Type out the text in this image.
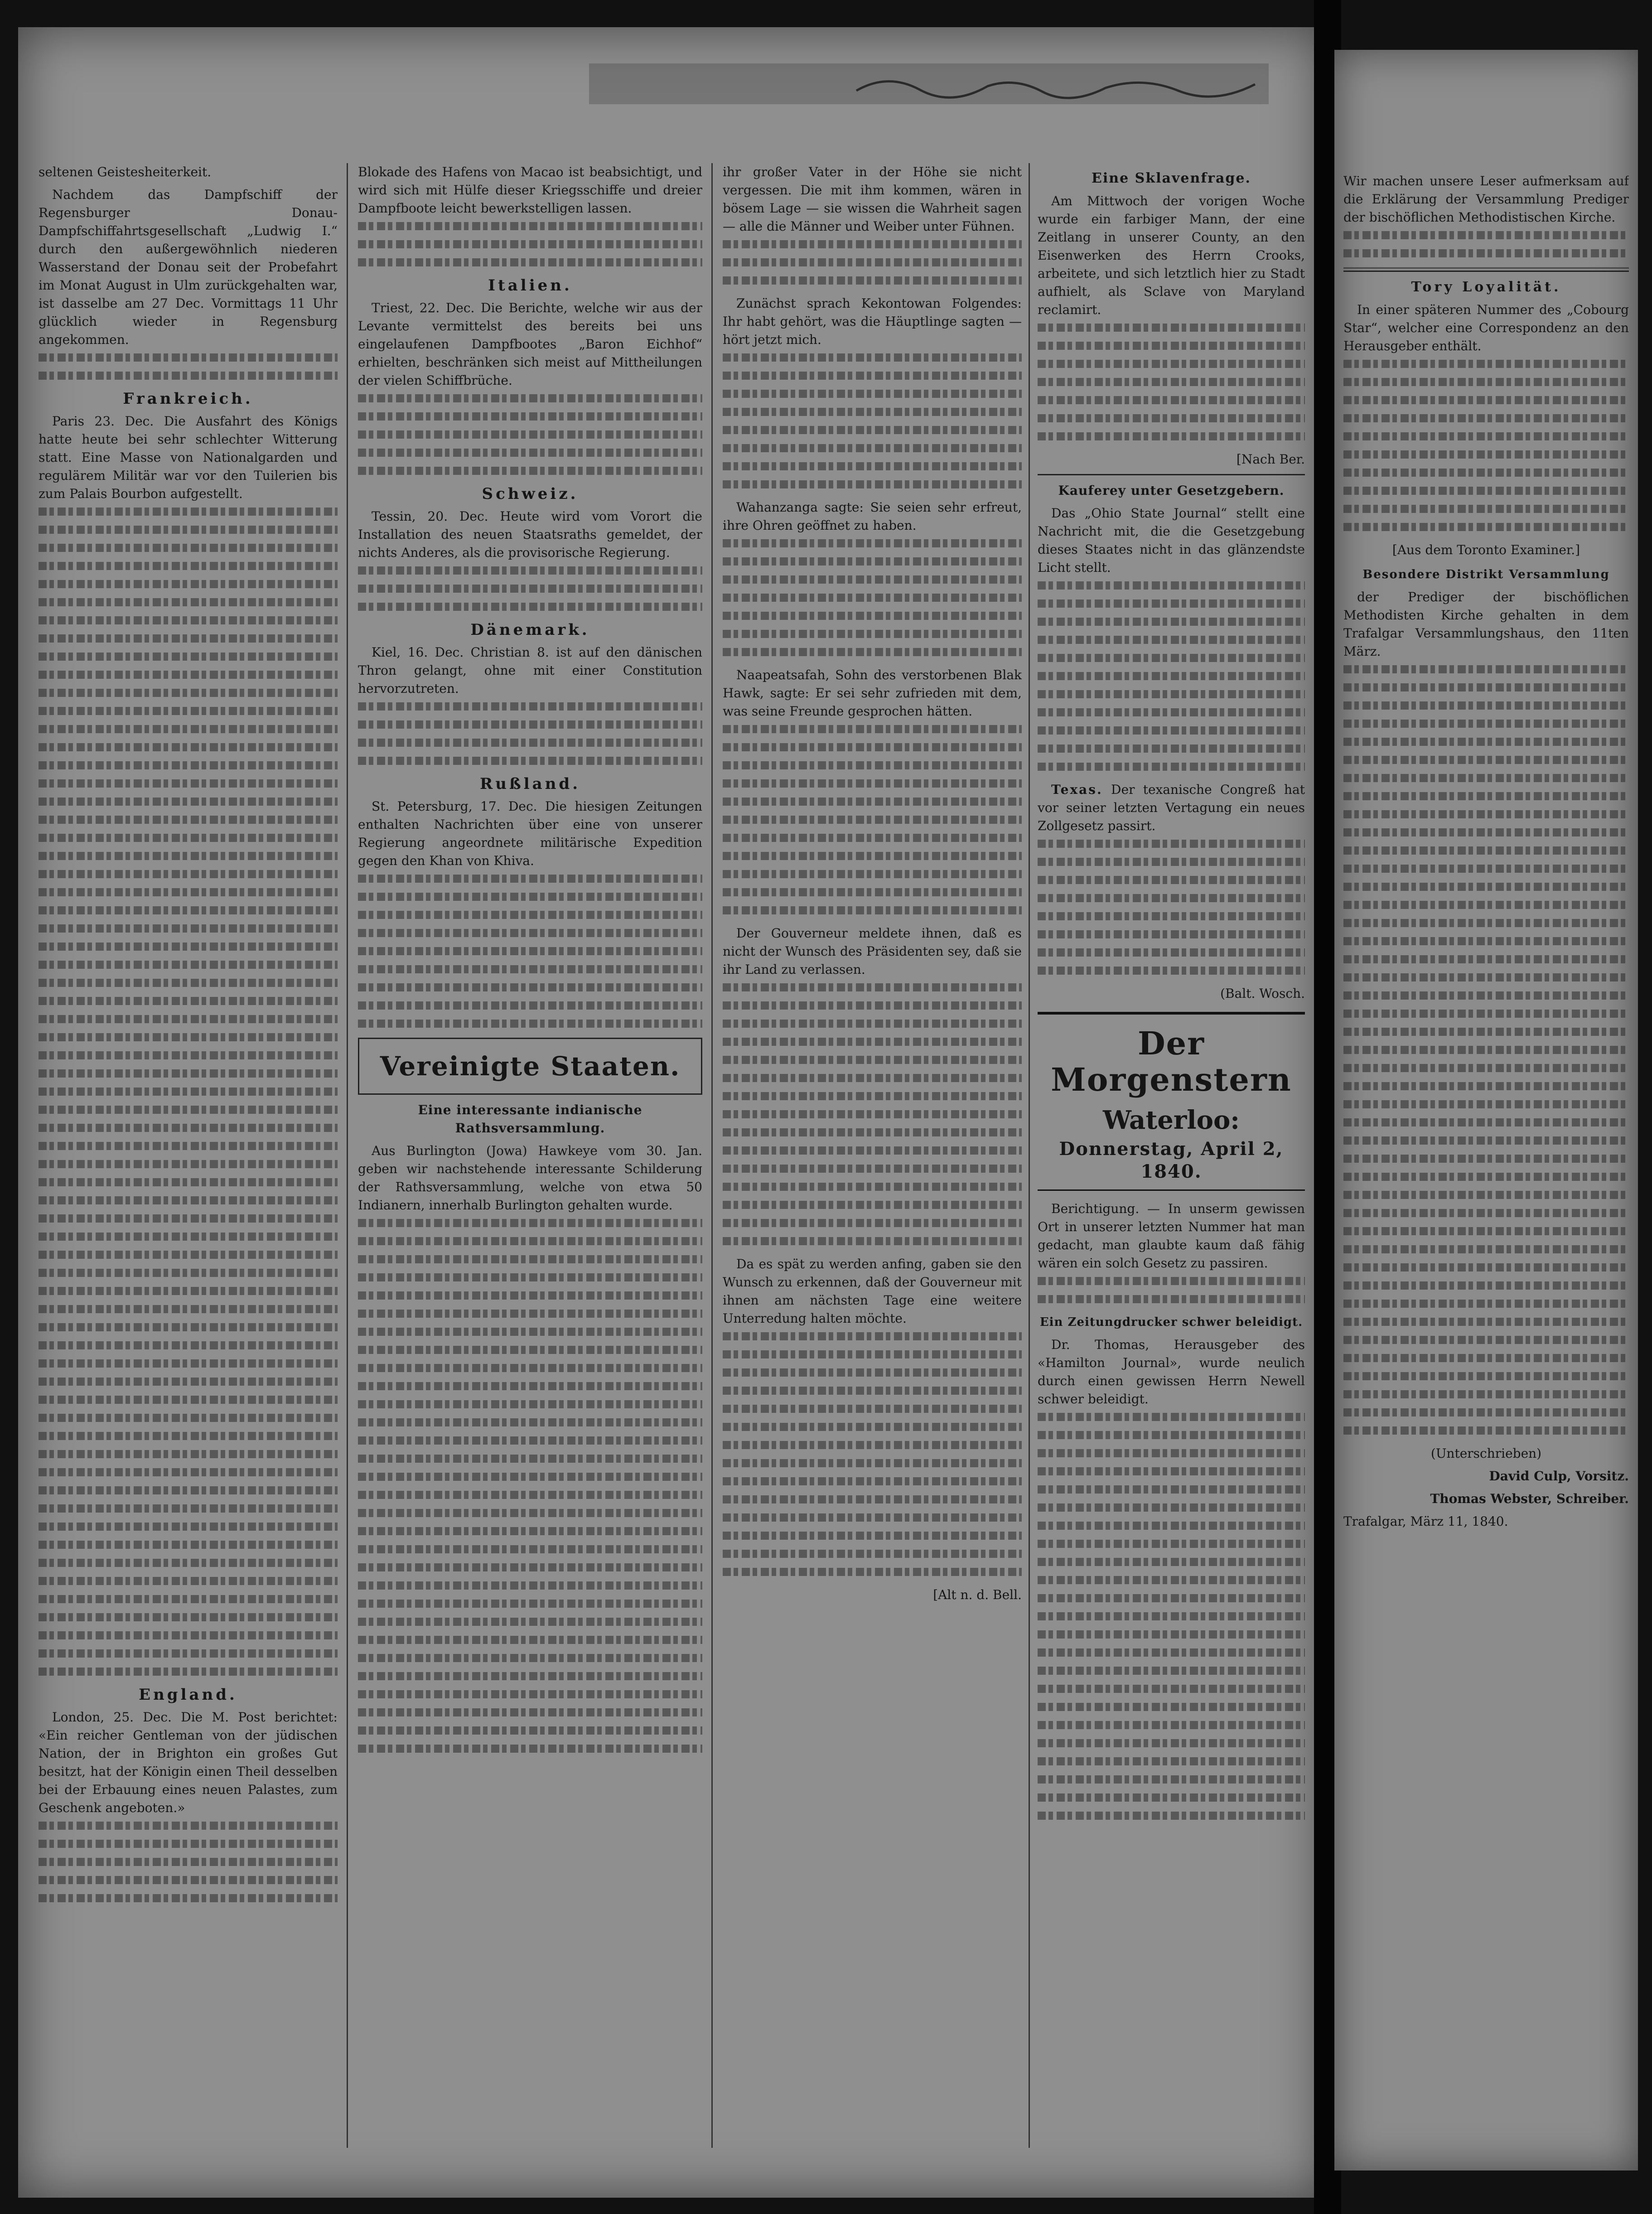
seltenen Geistesheiterkeit.

Nachdem das Dampfschiff der Regensburger Donau-Dampfschiffahrtsgesellschaft „Ludwig I.“ durch den außergewöhnlich niederen Wasserstand der Donau seit der Probefahrt im Monat August in Ulm zurückgehalten war, ist dasselbe am 27 Dec. Vormittags 11 Uhr glücklich wieder in Regensburg angekommen.

Frankreich.

Paris 23. Dec. Die Ausfahrt des Königs hatte heute bei sehr schlechter Witterung statt. Eine Masse von Nationalgarden und regulärem Militär war vor den Tuilerien bis zum Palais Bourbon aufgestellt.

England.

London, 25. Dec. Die M. Post berichtet: «Ein reicher Gentleman von der jüdischen Nation, der in Brighton ein großes Gut besitzt, hat der Königin einen Theil desselben bei der Erbauung eines neuen Palastes, zum Geschenk angeboten.»

Blokade des Hafens von Macao ist beabsichtigt, und wird sich mit Hülfe dieser Kriegsschiffe und dreier Dampfboote leicht bewerkstelligen lassen.

Italien.

Triest, 22. Dec. Die Berichte, welche wir aus der Levante vermittelst des bereits bei uns eingelaufenen Dampfbootes „Baron Eichhof“ erhielten, beschränken sich meist auf Mittheilungen der vielen Schiffbrüche.

Schweiz.

Tessin, 20. Dec. Heute wird vom Vorort die Installation des neuen Staatsraths gemeldet, der nichts Anderes, als die provisorische Regierung.

Dänemark.

Kiel, 16. Dec. Christian 8. ist auf den dänischen Thron gelangt, ohne mit einer Constitution hervorzutreten.

Rußland.

St. Petersburg, 17. Dec. Die hiesigen Zeitungen enthalten Nachrichten über eine von unserer Regierung angeordnete militärische Expedition gegen den Khan von Khiva.

Vereinigte Staaten.
Eine interessante indianische Rathsversammlung.

Aus Burlington (Jowa) Hawkeye vom 30. Jan. geben wir nachstehende interessante Schilderung der Rathsversammlung, welche von etwa 50 Indianern, innerhalb Burlington gehalten wurde.

ihr großer Vater in der Höhe sie nicht vergessen. Die mit ihm kommen, wären in bösem Lage — sie wissen die Wahrheit sagen — alle die Männer und Weiber unter Fühnen.

Zunächst sprach Kekontowan Folgendes: Ihr habt gehört, was die Häuptlinge sagten — hört jetzt mich.

Wahanzanga sagte: Sie seien sehr erfreut, ihre Ohren geöffnet zu haben.

Naapeatsafah, Sohn des verstorbenen Blak Hawk, sagte: Er sei sehr zufrieden mit dem, was seine Freunde gesprochen hätten.

Der Gouverneur meldete ihnen, daß es nicht der Wunsch des Präsidenten sey, daß sie ihr Land zu verlassen.

Da es spät zu werden anfing, gaben sie den Wunsch zu erkennen, daß der Gouverneur mit ihnen am nächsten Tage eine weitere Unterredung halten möchte.

[Alt n. d. Bell.

Eine Sklavenfrage.

Am Mittwoch der vorigen Woche wurde ein farbiger Mann, der eine Zeitlang in unserer County, an den Eisenwerken des Herrn Crooks, arbeitete, und sich letztlich hier zu Stadt aufhielt, als Sclave von Maryland reclamirt.

[Nach Ber.

Kauferey unter Gesetzgebern.

Das „Ohio State Journal“ stellt eine Nachricht mit, die die Gesetzgebung dieses Staates nicht in das glänzendste Licht stellt.

Texas. Der texanische Congreß hat vor seiner letzten Vertagung ein neues Zollgesetz passirt.

(Balt. Wosch.

Der Morgenstern
Waterloo:
Donnerstag, April 2, 1840.

Berichtigung. — In unserm gewissen Ort in unserer letzten Nummer hat man gedacht, man glaubte kaum daß fähig wären ein solch Gesetz zu passiren.

Ein Zeitungdrucker schwer beleidigt.

Dr. Thomas, Herausgeber des «Hamilton Journal», wurde neulich durch einen gewissen Herrn Newell schwer beleidigt.

Wir machen unsere Leser aufmerksam auf die Erklärung der Versammlung Prediger der bischöflichen Methodistischen Kirche.

Tory Loyalität.

In einer späteren Nummer des „Cobourg Star“, welcher eine Correspondenz an den Herausgeber enthält.

[Aus dem Toronto Examiner.]

Besondere Distrikt Versammlung

der Prediger der bischöflichen Methodisten Kirche gehalten in dem Trafalgar Versammlungshaus, den 11ten März.

(Unterschrieben)

David Culp, Vorsitz.

Thomas Webster, Schreiber.

Trafalgar, März 11, 1840.
